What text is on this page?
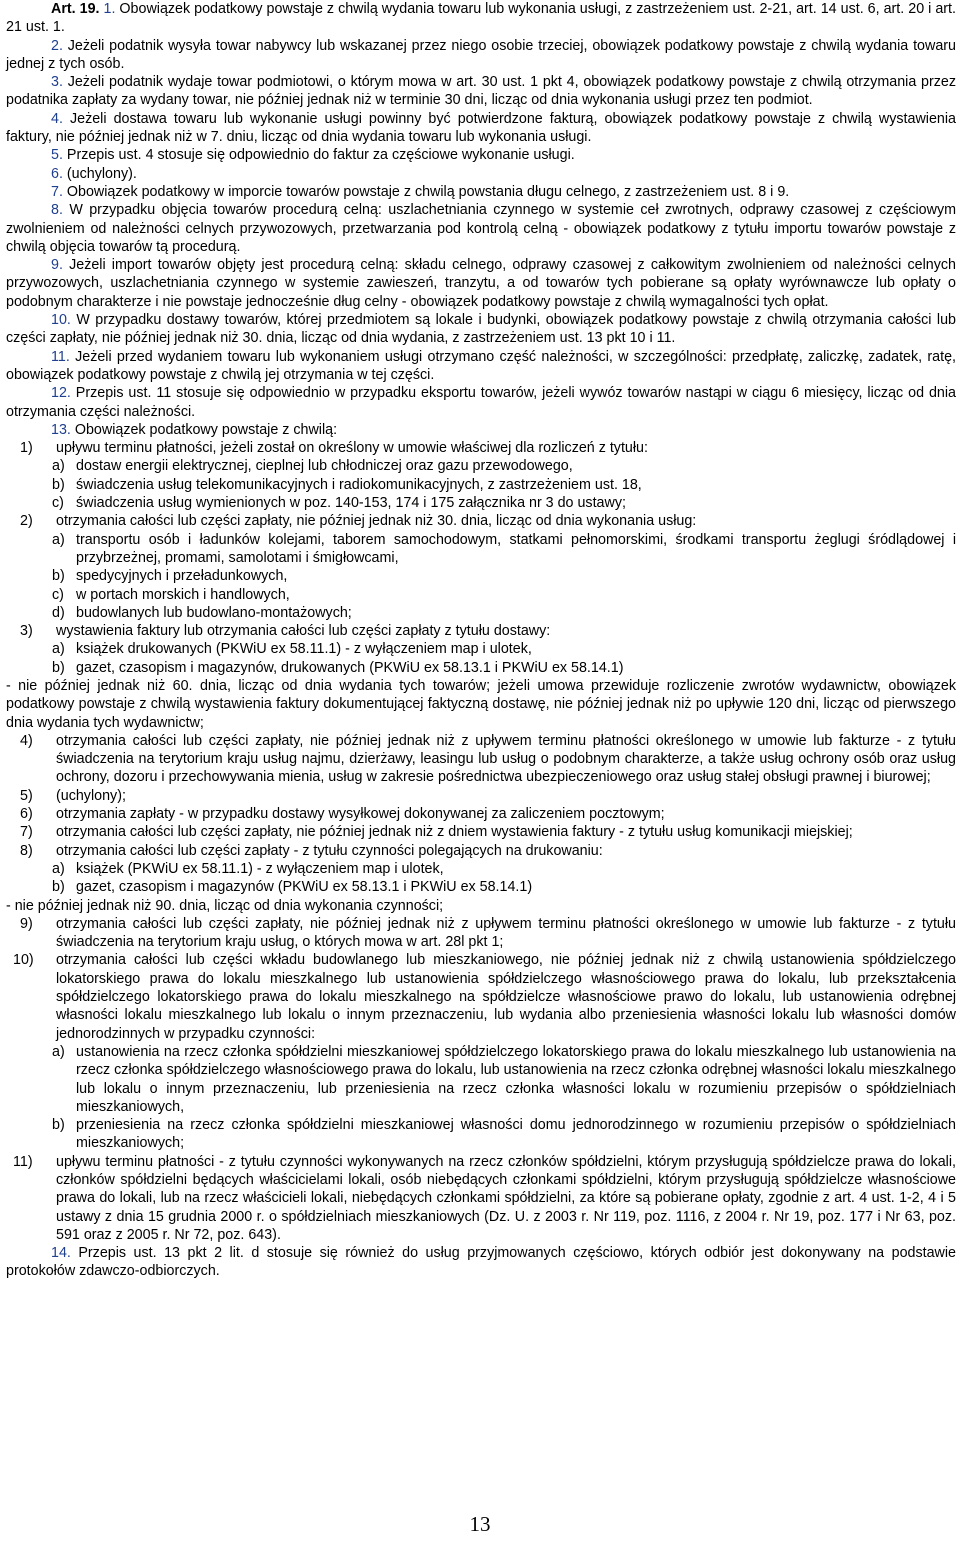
Art. 19. 1. Obowiązek podatkowy powstaje z chwilą wydania towaru lub wykonania usługi, z zastrzeżeniem ust. 2-21, art. 14 ust. 6, art. 20 i art. 21 ust. 1.

2. Jeżeli podatnik wysyła towar nabywcy lub wskazanej przez niego osobie trzeciej, obowiązek podatkowy powstaje z chwilą wydania towaru jednej z tych osób.

3. Jeżeli podatnik wydaje towar podmiotowi, o którym mowa w art. 30 ust. 1 pkt 4, obowiązek podatkowy powstaje z chwilą otrzymania przez podatnika zapłaty za wydany towar, nie później jednak niż w terminie 30 dni, licząc od dnia wykonania usługi przez ten podmiot.

4. Jeżeli dostawa towaru lub wykonanie usługi powinny być potwierdzone fakturą, obowiązek podatkowy powstaje z chwilą wystawienia faktury, nie później jednak niż w 7. dniu, licząc od dnia wydania towaru lub wykonania usługi.

5. Przepis ust. 4 stosuje się odpowiednio do faktur za częściowe wykonanie usługi.

6. (uchylony).

7. Obowiązek podatkowy w imporcie towarów powstaje z chwilą powstania długu celnego, z zastrzeżeniem ust. 8 i 9.

8. W przypadku objęcia towarów procedurą celną: uszlachetniania czynnego w systemie ceł zwrotnych, odprawy czasowej z częściowym zwolnieniem od należności celnych przywozowych, przetwarzania pod kontrolą celną - obowiązek podatkowy z tytułu importu towarów powstaje z chwilą objęcia towarów tą procedurą.

9. Jeżeli import towarów objęty jest procedurą celną: składu celnego, odprawy czasowej z całkowitym zwolnieniem od należności celnych przywozowych, uszlachetniania czynnego w systemie zawieszeń, tranzytu, a od towarów tych pobierane są opłaty wyrównawcze lub opłaty o podobnym charakterze i nie powstaje jednocześnie dług celny - obowiązek podatkowy powstaje z chwilą wymagalności tych opłat.

10. W przypadku dostawy towarów, której przedmiotem są lokale i budynki, obowiązek podatkowy powstaje z chwilą otrzymania całości lub części zapłaty, nie później jednak niż 30. dnia, licząc od dnia wydania, z zastrzeżeniem ust. 13 pkt 10 i 11.

11. Jeżeli przed wydaniem towaru lub wykonaniem usługi otrzymano część należności, w szczególności: przedpłatę, zaliczkę, zadatek, ratę, obowiązek podatkowy powstaje z chwilą jej otrzymania w tej części.

12. Przepis ust. 11 stosuje się odpowiednio w przypadku eksportu towarów, jeżeli wywóz towarów nastąpi w ciągu 6 miesięcy, licząc od dnia otrzymania części należności.

13. Obowiązek podatkowy powstaje z chwilą:

1) upływu terminu płatności, jeżeli został on określony w umowie właściwej dla rozliczeń z tytułu:
a) dostaw energii elektrycznej, cieplnej lub chłodniczej oraz gazu przewodowego,
b) świadczenia usług telekomunikacyjnych i radiokomunikacyjnych, z zastrzeżeniem ust. 18,
c) świadczenia usług wymienionych w poz. 140-153, 174 i 175 załącznika nr 3 do ustawy;
2) otrzymania całości lub części zapłaty, nie później jednak niż 30. dnia, licząc od dnia wykonania usług:
a) transportu osób i ładunków kolejami, taborem samochodowym, statkami pełnomorskimi, środkami transportu żeglugi śródlądowej i przybrzeżnej, promami, samolotami i śmigłowcami,
b) spedycyjnych i przeładunkowych,
c) w portach morskich i handlowych,
d) budowlanych lub budowlano-montażowych;
3) wystawienia faktury lub otrzymania całości lub części zapłaty z tytułu dostawy:
a) książek drukowanych (PKWiU ex 58.11.1) - z wyłączeniem map i ulotek,
b) gazet, czasopism i magazynów, drukowanych (PKWiU ex 58.13.1 i PKWiU ex 58.14.1)

- nie później jednak niż 60. dnia, licząc od dnia wydania tych towarów; jeżeli umowa przewiduje rozliczenie zwrotów wydawnictw, obowiązek podatkowy powstaje z chwilą wystawienia faktury dokumentującej faktyczną dostawę, nie później jednak niż po upływie 120 dni, licząc od pierwszego dnia wydania tych wydawnictw;

4) otrzymania całości lub części zapłaty, nie później jednak niż z upływem terminu płatności określonego w umowie lub fakturze - z tytułu świadczenia na terytorium kraju usług najmu, dzierżawy, leasingu lub usług o podobnym charakterze, a także usług ochrony osób oraz usług ochrony, dozoru i przechowywania mienia, usług w zakresie pośrednictwa ubezpieczeniowego oraz usług stałej obsługi prawnej i biurowej;
5) (uchylony);
6) otrzymania zapłaty - w przypadku dostawy wysyłkowej dokonywanej za zaliczeniem pocztowym;
7) otrzymania całości lub części zapłaty, nie później jednak niż z dniem wystawienia faktury - z tytułu usług komunikacji miejskiej;
8) otrzymania całości lub części zapłaty - z tytułu czynności polegających na drukowaniu:
a) książek (PKWiU ex 58.11.1) - z wyłączeniem map i ulotek,
b) gazet, czasopism i magazynów (PKWiU ex 58.13.1 i PKWiU ex 58.14.1)

- nie później jednak niż 90. dnia, licząc od dnia wykonania czynności;

9) otrzymania całości lub części zapłaty, nie później jednak niż z upływem terminu płatności określonego w umowie lub fakturze - z tytułu świadczenia na terytorium kraju usług, o których mowa w art. 28l pkt 1;
10) otrzymania całości lub części wkładu budowlanego lub mieszkaniowego, nie później jednak niż z chwilą ustanowienia spółdzielczego lokatorskiego prawa do lokalu mieszkalnego lub ustanowienia spółdzielczego własnościowego prawa do lokalu, lub przekształcenia spółdzielczego lokatorskiego prawa do lokalu mieszkalnego na spółdzielcze własnościowe prawo do lokalu, lub ustanowienia odrębnej własności lokalu mieszkalnego lub lokalu o innym przeznaczeniu, lub wydania albo przeniesienia własności lokalu lub własności domów jednorodzinnych w przypadku czynności:
a) ustanowienia na rzecz członka spółdzielni mieszkaniowej spółdzielczego lokatorskiego prawa do lokalu mieszkalnego lub ustanowienia na rzecz członka spółdzielczego własnościowego prawa do lokalu, lub ustanowienia na rzecz członka odrębnej własności lokalu mieszkalnego lub lokalu o innym przeznaczeniu, lub przeniesienia na rzecz członka własności lokalu w rozumieniu przepisów o spółdzielniach mieszkaniowych,
b) przeniesienia na rzecz członka spółdzielni mieszkaniowej własności domu jednorodzinnego w rozumieniu przepisów o spółdzielniach mieszkaniowych;
11) upływu terminu płatności - z tytułu czynności wykonywanych na rzecz członków spółdzielni, którym przysługują spółdzielcze prawa do lokali, członków spółdzielni będących właścicielami lokali, osób niebędących członkami spółdzielni, którym przysługują spółdzielcze własnościowe prawa do lokali, lub na rzecz właścicieli lokali, niebędących członkami spółdzielni, za które są pobierane opłaty, zgodnie z art. 4 ust. 1-2, 4 i 5 ustawy z dnia 15 grudnia 2000 r. o spółdzielniach mieszkaniowych (Dz. U. z 2003 r. Nr 119, poz. 1116, z 2004 r. Nr 19, poz. 177 i Nr 63, poz. 591 oraz z 2005 r. Nr 72, poz. 643).

14. Przepis ust. 13 pkt 2 lit. d stosuje się również do usług przyjmowanych częściowo, których odbiór jest dokonywany na podstawie protokołów zdawczo-odbiorczych.

13
